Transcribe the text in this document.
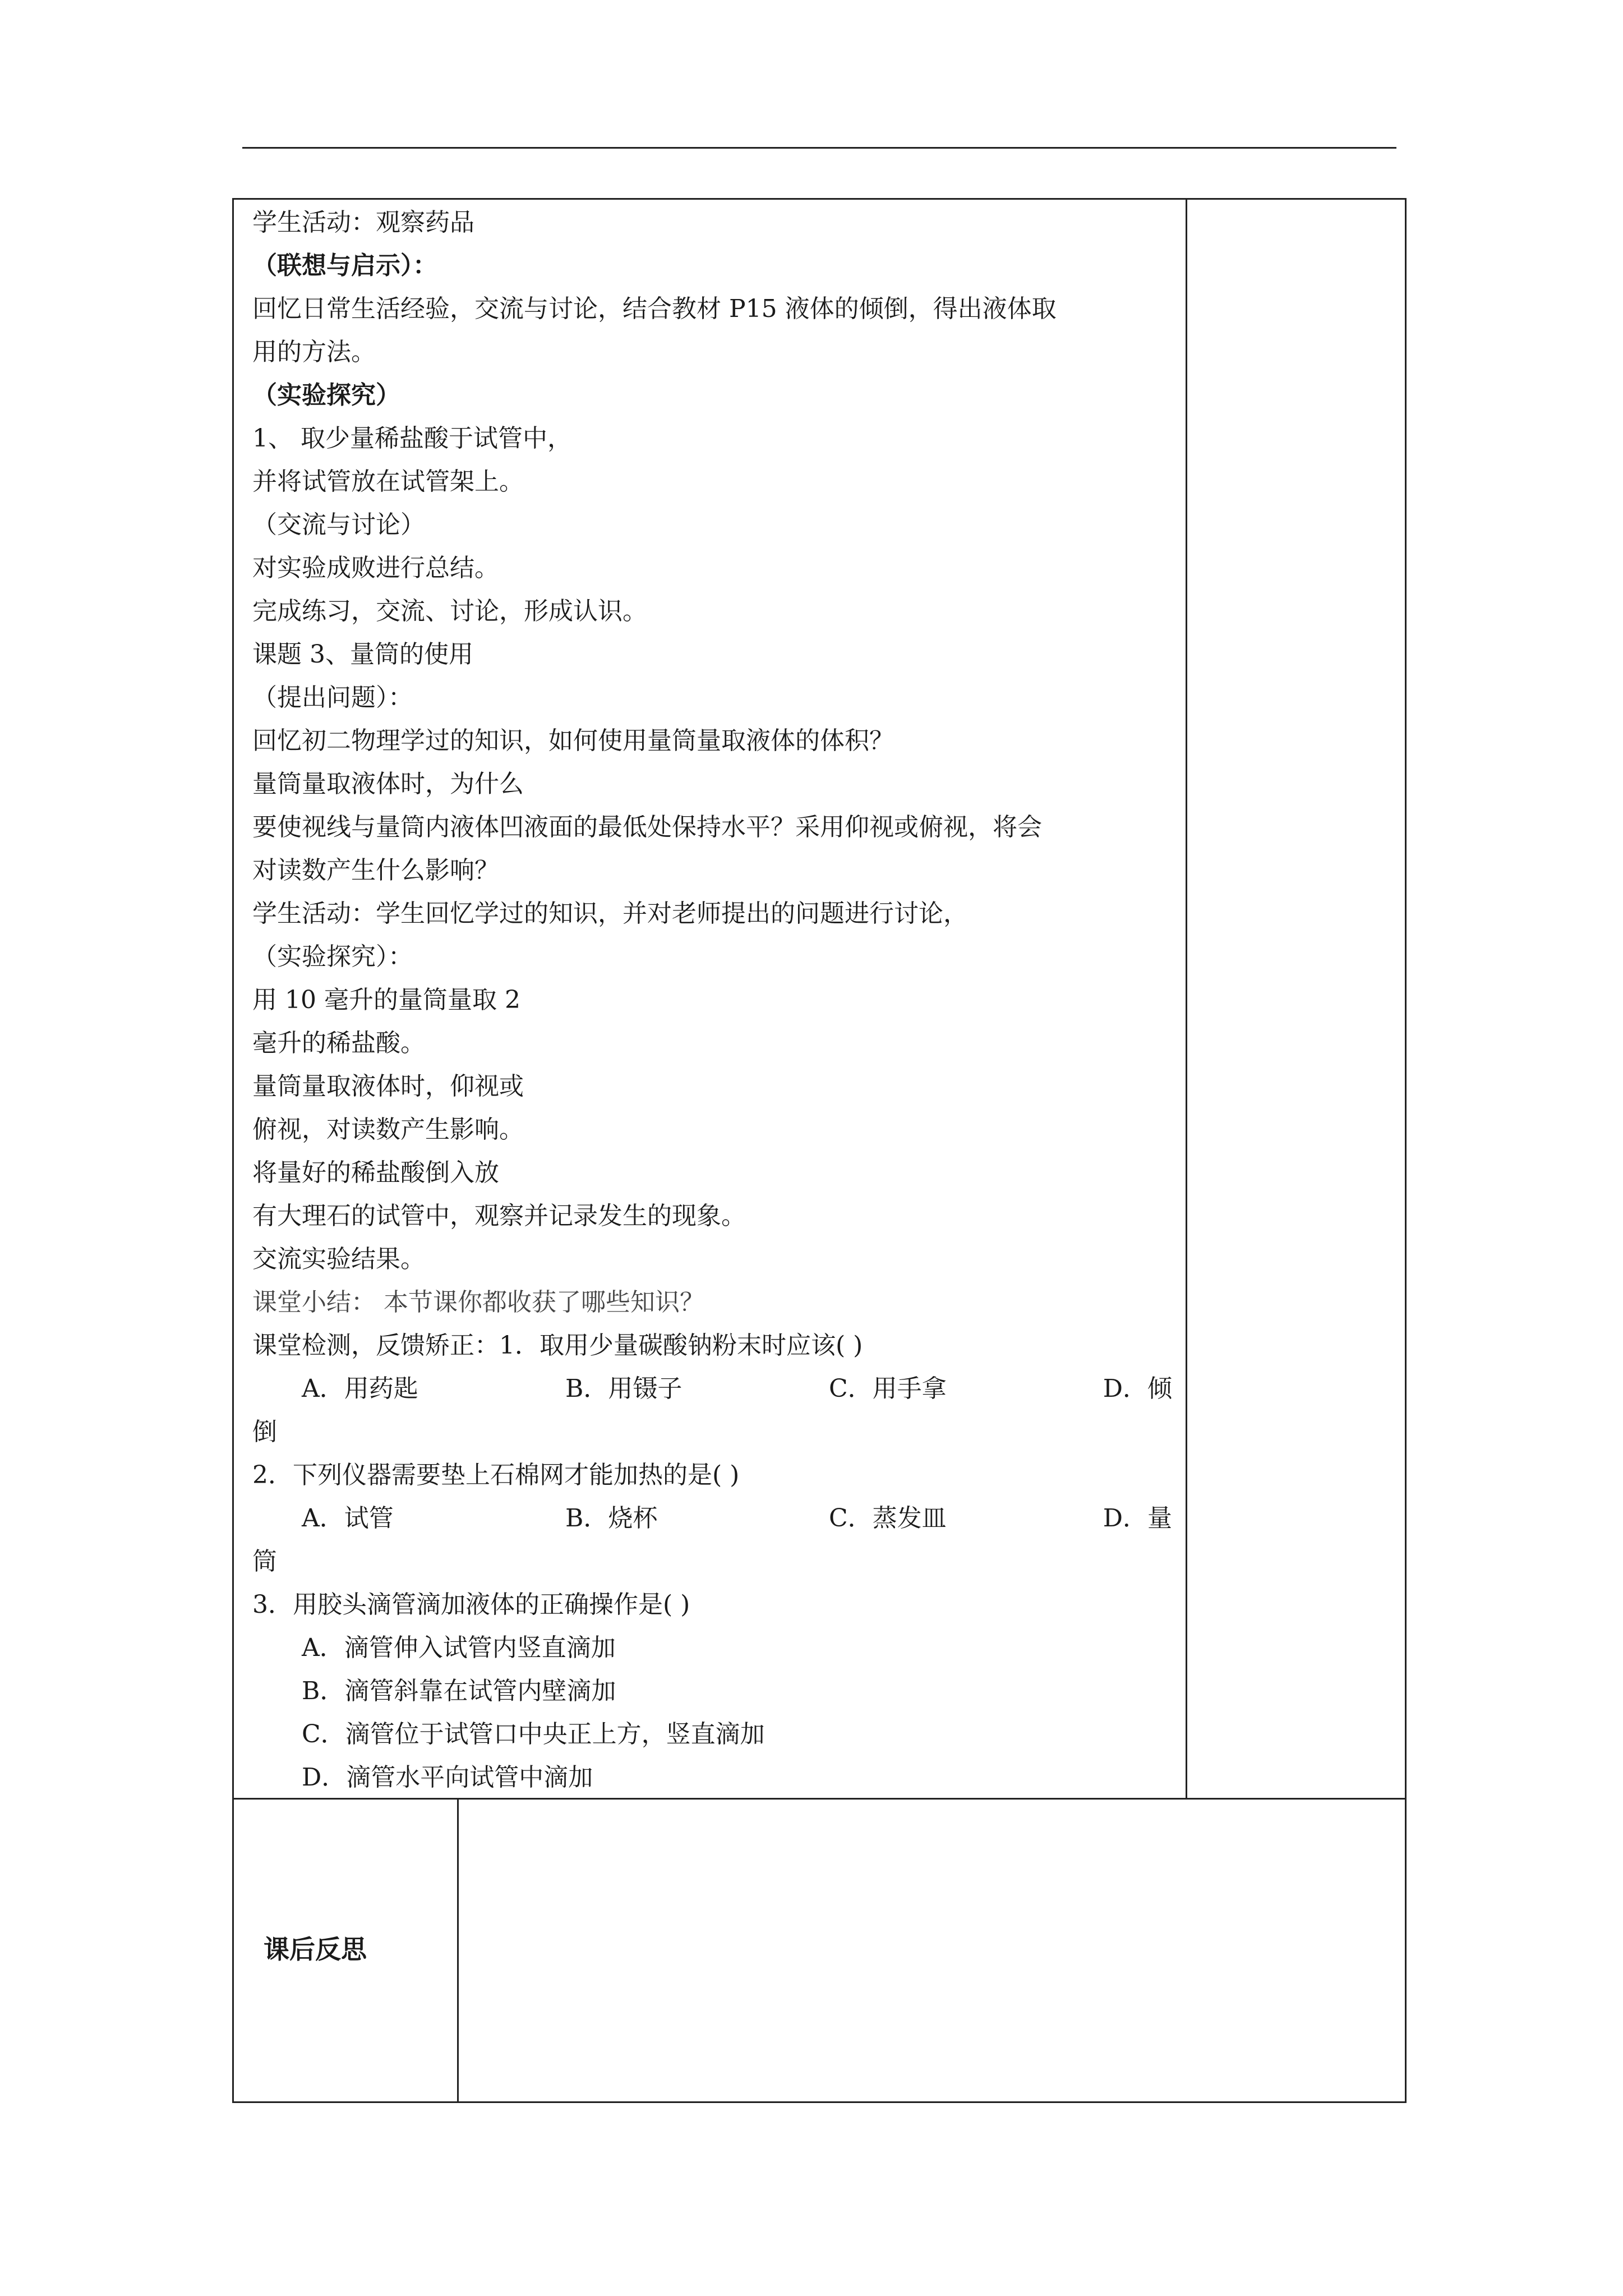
学生活动：观察药品
（联想与启示）：
回忆日常生活经验，交流与讨论，结合教材 P15 液体的倾倒，得出液体取
用的方法。
（实验探究）
1、 取少量稀盐酸于试管中，
并将试管放在试管架上。
（交流与讨论）
对实验成败进行总结。
完成练习，交流、讨论，形成认识。
课题 3、量筒的使用
（提出问题）：
回忆初二物理学过的知识，如何使用量筒量取液体的体积？
量筒量取液体时，为什么
要使视线与量筒内液体凹液面的最低处保持水平？采用仰视或俯视，将会
对读数产生什么影响？
学生活动：学生回忆学过的知识，并对老师提出的问题进行讨论，
（实验探究）：
用 10 毫升的量筒量取 2
毫升的稀盐酸。
量筒量取液体时，仰视或
俯视，对读数产生影响。
将量好的稀盐酸倒入放
有大理石的试管中，观察并记录发生的现象。
交流实验结果。
课堂小结： 本节课你都收获了哪些知识？
课堂检测，反馈矫正：1．取用少量碳酸钠粉末时应该( )
A．用药匙	B．用镊子	C．用手拿	D．倾
倒
2．下列仪器需要垫上石棉网才能加热的是( )
A．试管	B．烧杯	C．蒸发皿	D．量
筒
3．用胶头滴管滴加液体的正确操作是( )
A．滴管伸入试管内竖直滴加
B．滴管斜靠在试管内壁滴加
C．滴管位于试管口中央正上方，竖直滴加
D．滴管水平向试管中滴加
课后反思
